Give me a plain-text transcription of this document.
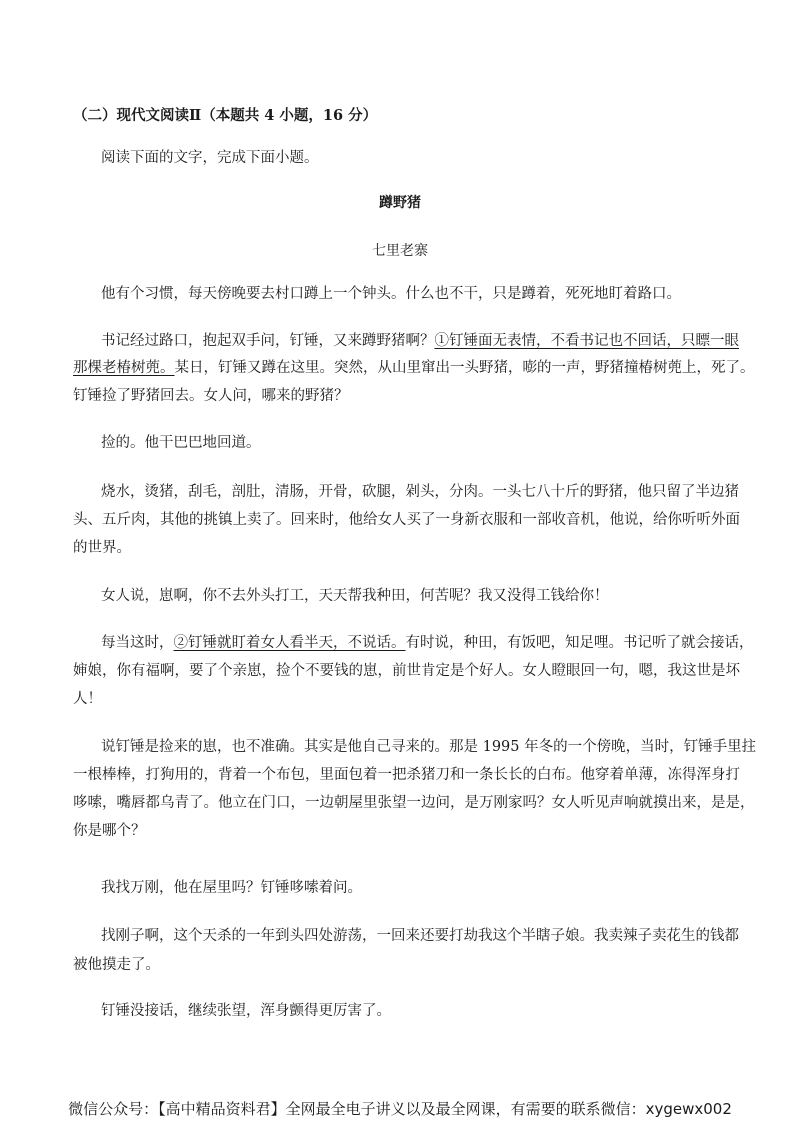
（二）现代文阅读Ⅱ（本题共 4 小题，16 分）
阅读下面的文字，完成下面小题。
蹲野猪
七里老寨
他有个习惯，每天傍晚要去村口蹲上一个钟头。什么也不干，只是蹲着，死死地盯着路口。
书记经过路口，抱起双手问，钉锤，又来蹲野猪啊？①钉锤面无表情，不看书记也不回话，只瞟一眼
那棵老椿树蔸。某日，钉锤又蹲在这里。突然，从山里窜出一头野猪，嘭的一声，野猪撞椿树蔸上，死了。
钉锤捡了野猪回去。女人问，哪来的野猪？
捡的。他干巴巴地回道。
烧水，烫猪，刮毛，剖肚，清肠，开骨，砍腿，剁头，分肉。一头七八十斤的野猪，他只留了半边猪
头、五斤肉，其他的挑镇上卖了。回来时，他给女人买了一身新衣服和一部收音机，他说，给你听听外面
的世界。
女人说，崽啊，你不去外头打工，天天帮我种田，何苦呢？我又没得工钱给你！
每当这时，②钉锤就盯着女人看半天，不说话。有时说，种田，有饭吧，知足哩。书记听了就会接话，
婶娘，你有福啊，要了个亲崽，捡个不要钱的崽，前世肯定是个好人。女人瞪眼回一句，嗯，我这世是坏
人！
说钉锤是捡来的崽，也不准确。其实是他自己寻来的。那是 1995 年冬的一个傍晚，当时，钉锤手里拄
一根棒棒，打狗用的，背着一个布包，里面包着一把杀猪刀和一条长长的白布。他穿着单薄，冻得浑身打
哆嗦，嘴唇都乌青了。他立在门口，一边朝屋里张望一边问，是万刚家吗？女人听见声响就摸出来，是是，
你是哪个？
我找万刚，他在屋里吗？钉锤哆嗦着问。
找刚子啊，这个天杀的一年到头四处游荡，一回来还要打劫我这个半瞎子娘。我卖辣子卖花生的钱都
被他摸走了。
钉锤没接话，继续张望，浑身颤得更厉害了。
微信公众号：【高中精品资料君】全网最全电子讲义以及最全网课，有需要的联系微信：xygewx002
